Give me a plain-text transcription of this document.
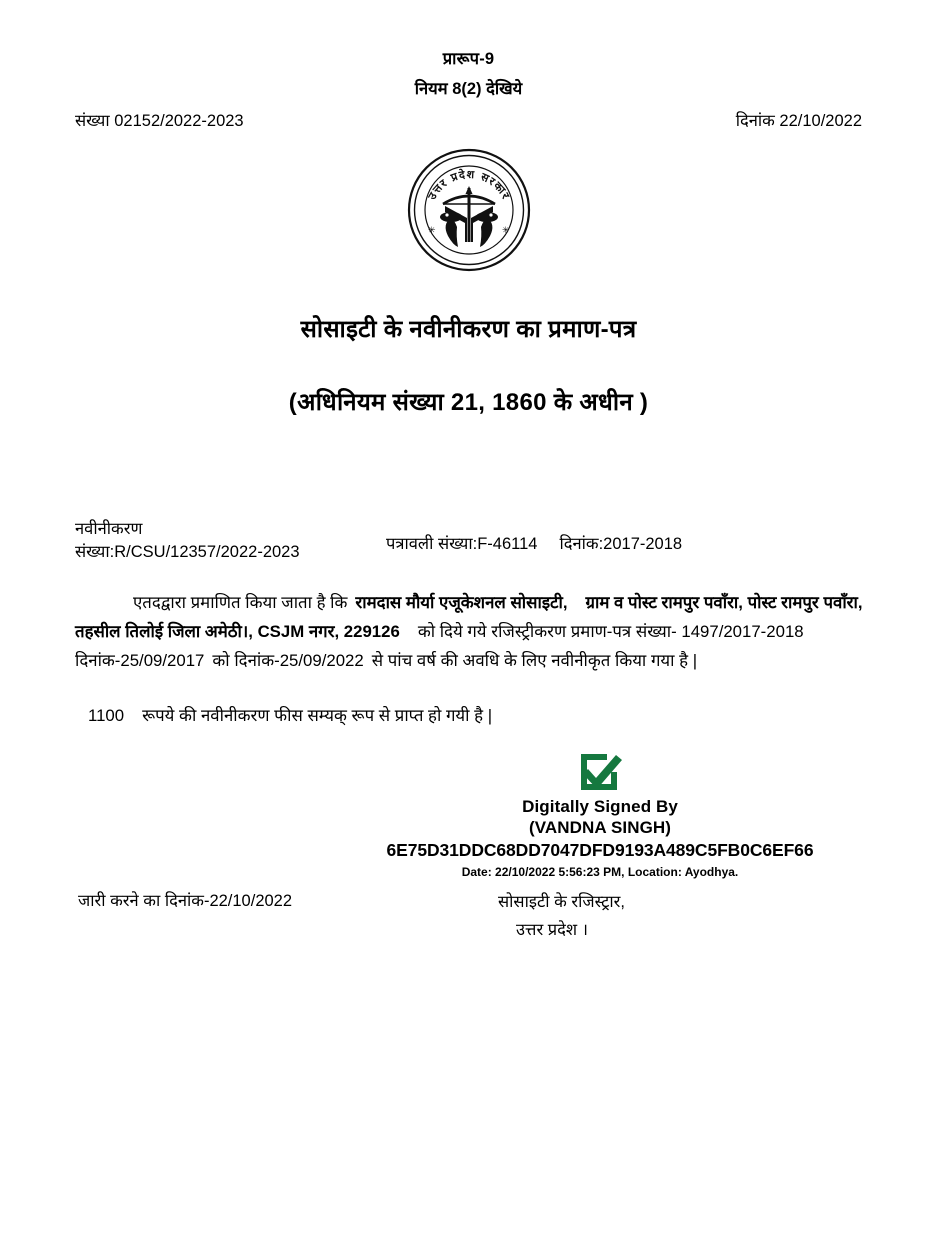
प्रारूप-9
नियम 8(2) देखिये
संख्या 02152/2022-2023	दिनांक 22/10/2022
उत्तर प्रदेश सरकार
✳	✳
सोसाइटी के नवीनीकरण का प्रमाण-पत्र
(अधिनियम संख्या 21, 1860 के अधीन )
नवीनीकरण
संख्या:R/CSU/12357/2022-2023	पत्रावली संख्या:F-46114 दिनांक:2017-2018
एतदद्वारा प्रमाणित किया जाता है कि रामदास मौर्या एजूकेशनल सोसाइटी, ग्राम व पोस्ट रामपुर पवाँरा, पोस्ट रामपुर पवाँरा, तहसील तिलोई जिला अमेठी।, CSJM नगर, 229126 को दिये गये रजिस्ट्रीकरण प्रमाण-पत्र संख्या- 1497/2017-2018दिनांक-25/09/2017 को दिनांक-25/09/2022 से पांच वर्ष की अवधि के लिए नवीनीकृत किया गया है |
1100 रूपये की नवीनीकरण फीस सम्यक् रूप से प्राप्त हो गयी है |
Digitally Signed By
(VANDNA SINGH)
6E75D31DDC68DD7047DFD9193A489C5FB0C6EF66
Date: 22/10/2022 5:56:23 PM, Location: Ayodhya.
जारी करने का दिनांक-22/10/2022	सोसाइटी के रजिस्ट्रार,
उत्तर प्रदेश ।
